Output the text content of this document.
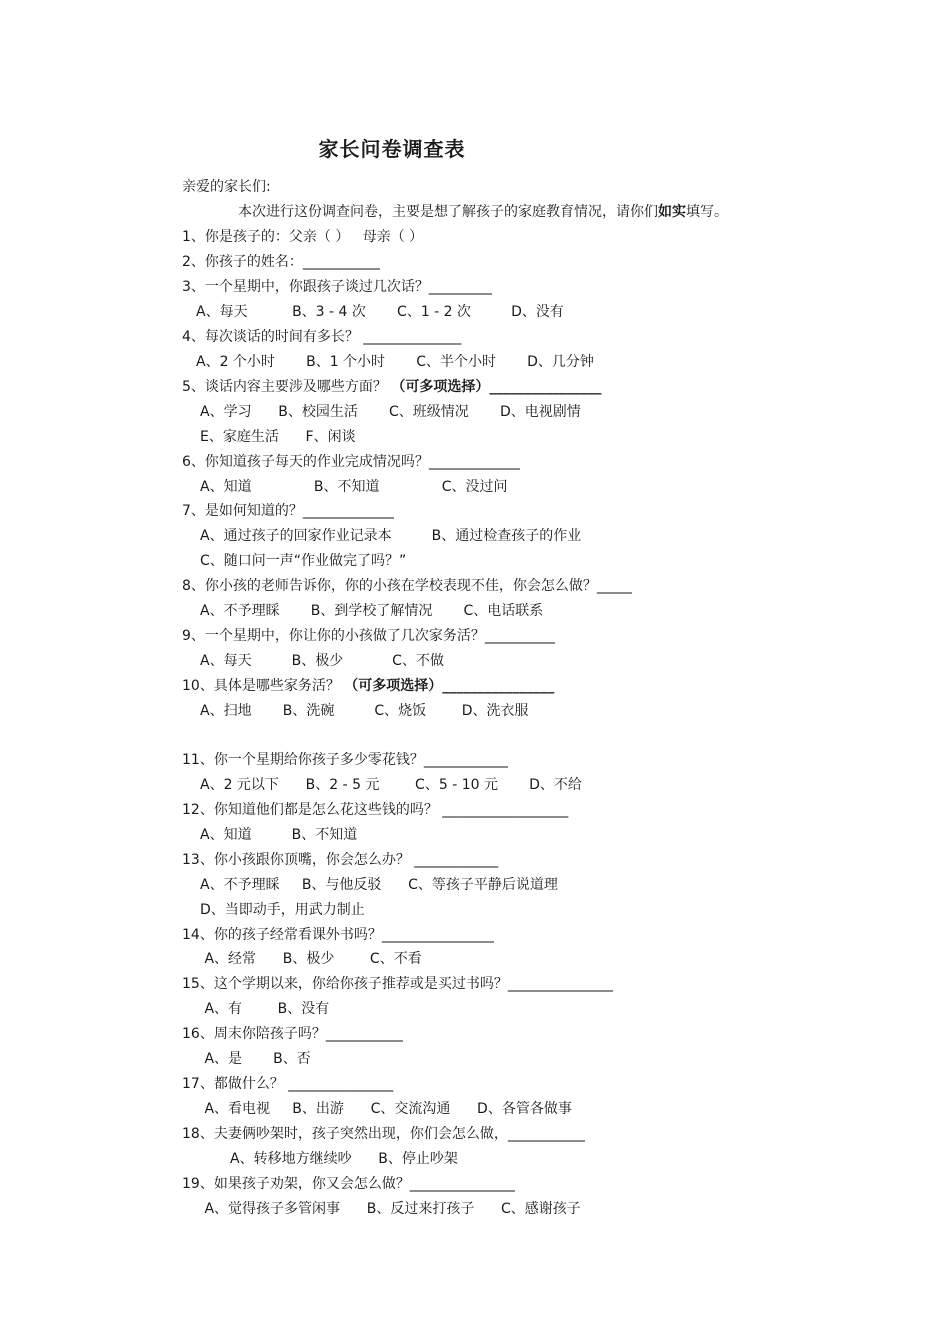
家长问卷调查表
亲爱的家长们:
本次进行这份调查问卷，主要是想了解孩子的家庭教育情况，请你们如实填写。
1、你是孩子的：父亲（ ）   母亲（ ）
2、你孩子的姓名：___________
3、一个星期中，你跟孩子谈过几次话？_________
A、每天          B、3 - 4 次       C、1 - 2 次         D、没有
4、每次谈话的时间有多长？ ______________
A、2 个小时       B、1 个小时       C、半个小时       D、几分钟
5、谈话内容主要涉及哪些方面？ （可多项选择）________________
A、学习      B、校园生活       C、班级情况       D、电视剧情
E、家庭生活      F、闲谈
6、你知道孩子每天的作业完成情况吗？_____________
A、知道              B、不知道              C、没过问
7、是如何知道的？_____________
A、通过孩子的回家作业记录本         B、通过检查孩子的作业
C、随口问一声“作业做完了吗？”
8、你小孩的老师告诉你，你的小孩在学校表现不佳，你会怎么做？_____
A、不予理睬       B、到学校了解情况       C、电话联系
9、一个星期中，你让你的小孩做了几次家务活？__________
A、每天         B、极少           C、不做
10、具体是哪些家务活？ （可多项选择）________________
A、扫地       B、洗碗         C、烧饭        D、洗衣服
11、你一个星期给你孩子多少零花钱？____________
A、2 元以下      B、2 - 5 元        C、5 - 10 元       D、不给
12、你知道他们都是怎么花这些钱的吗？ __________________
A、知道         B、不知道
13、你小孩跟你顶嘴，你会怎么办？ ____________
A、不予理睬     B、与他反驳      C、等孩子平静后说道理
D、当即动手，用武力制止
14、你的孩子经常看课外书吗？________________
A、经常      B、极少        C、不看
15、这个学期以来，你给你孩子推荐或是买过书吗？_______________
A、有        B、没有
16、周末你陪孩子吗？___________
A、是       B、否
17、都做什么？ _______________
A、看电视     B、出游      C、交流沟通      D、各管各做事
18、夫妻俩吵架时，孩子突然出现，你们会怎么做，___________
A、转移地方继续吵      B、停止吵架
19、如果孩子劝架，你又会怎么做？_______________
A、觉得孩子多管闲事      B、反过来打孩子      C、感谢孩子
